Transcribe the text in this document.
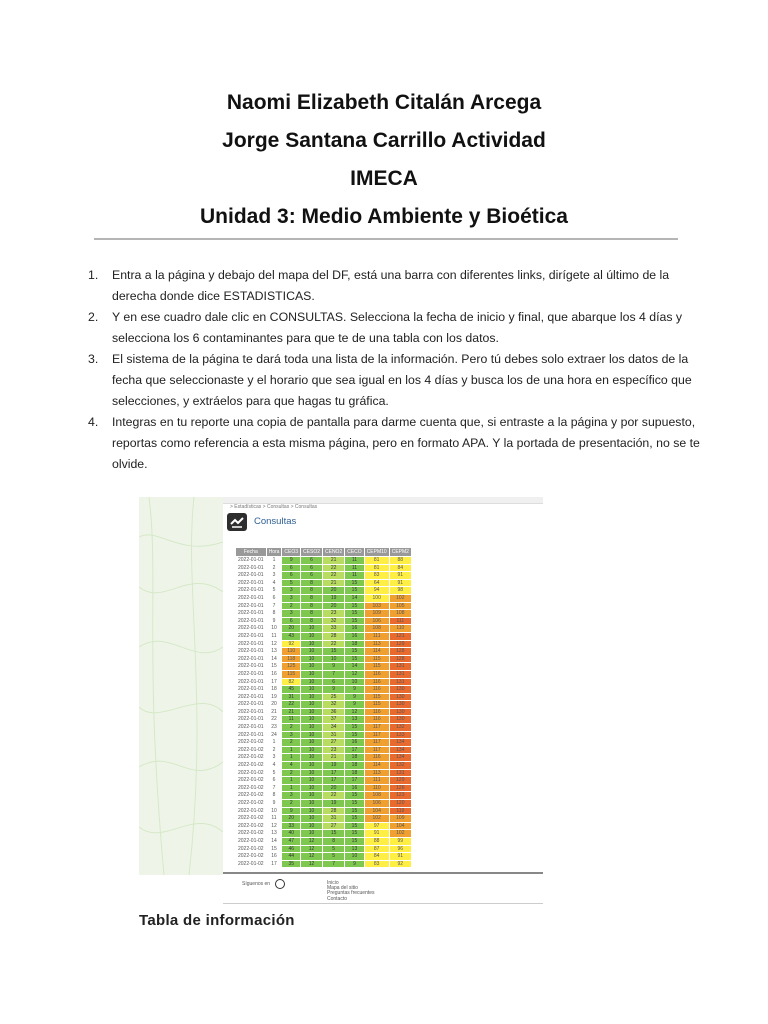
Naomi Elizabeth Citalán Arcega
Jorge Santana Carrillo Actividad
IMECA
Unidad 3: Medio Ambiente y Bioética
1. Entra a la página y debajo del mapa del DF, está una barra con diferentes links, dirígete al último de la derecha donde dice ESTADISTICAS.
2. Y en ese cuadro dale clic en CONSULTAS. Selecciona la fecha de inicio y final, que abarque los 4 días y selecciona los 6 contaminantes para que te de una tabla con los datos.
3. El sistema de la página te dará toda una lista de la información. Pero tú debes solo extraer los datos de la fecha que seleccionaste y el horario que sea igual en los 4 días y busca los de una hora en específico que selecciones, y extráelos para que hagas tu gráfica.
4. Integras en tu reporte una copia de pantalla para darme cuenta que, si entraste a la página y por supuesto, reportas como referencia a esta misma página, pero en formato APA. Y la portada de presentación, no se te olvide.
> Estadísticas > Consultas > Consultas
Consultas
Fecha	Hora	CEO3	CESO2	CENO2	CECO	CEPM10	CEPM2
2022-01-01	1	9	6	21	11	81	88
2022-01-01	2	6	6	22	11	81	84
2022-01-01	3	6	6	22	11	83	91
2022-01-01	4	5	8	21	15	64	91
2022-01-01	5	3	8	20	15	94	98
2022-01-01	6	3	8	19	14	100	102
2022-01-01	7	2	8	20	15	103	105
2022-01-01	8	3	8	23	15	109	108
2022-01-01	9	6	8	32	15	106	111
2022-01-01	10	20	10	33	16	108	110
2022-01-01	11	43	10	28	16	111	121
2022-01-01	12	92	10	22	18	113	129
2022-01-01	13	110	10	15	15	114	128
2022-01-01	14	118	10	10	15	115	128
2022-01-01	15	125	10	9	14	115	131
2022-01-01	16	115	10	7	12	116	131
2022-01-01	17	82	10	6	10	116	131
2022-01-01	18	45	10	9	9	116	130
2022-01-01	19	31	10	25	9	115	130
2022-01-01	20	22	10	32	9	115	130
2022-01-01	21	21	10	36	12	116	130
2022-01-01	22	11	10	37	13	116	130
2022-01-01	23	2	10	34	15	117	132
2022-01-01	24	3	10	31	15	117	133
2022-01-02	1	2	10	27	16	117	134
2022-01-02	2	1	10	23	17	117	134
2022-01-02	3	1	10	21	18	116	134
2022-01-02	4	4	10	19	18	114	132
2022-01-02	5	2	10	17	18	113	131
2022-01-02	6	1	10	17	17	111	129
2022-01-02	7	1	10	20	16	110	126
2022-01-02	8	3	10	22	15	108	123
2022-01-02	9	2	10	19	15	106	120
2022-01-02	10	9	10	28	15	104	119
2022-01-02	11	20	10	31	15	102	109
2022-01-02	12	33	10	27	15	97	104
2022-01-02	13	40	10	15	15	91	102
2022-01-02	14	47	12	8	15	88	99
2022-01-02	15	46	12	5	13	87	96
2022-01-02	16	44	12	5	10	84	91
2022-01-02	17	35	12	7	9	83	92
Síguenos en	Inicio
Mapa del sitio
Preguntas frecuentes
Contacto
Tabla de información
